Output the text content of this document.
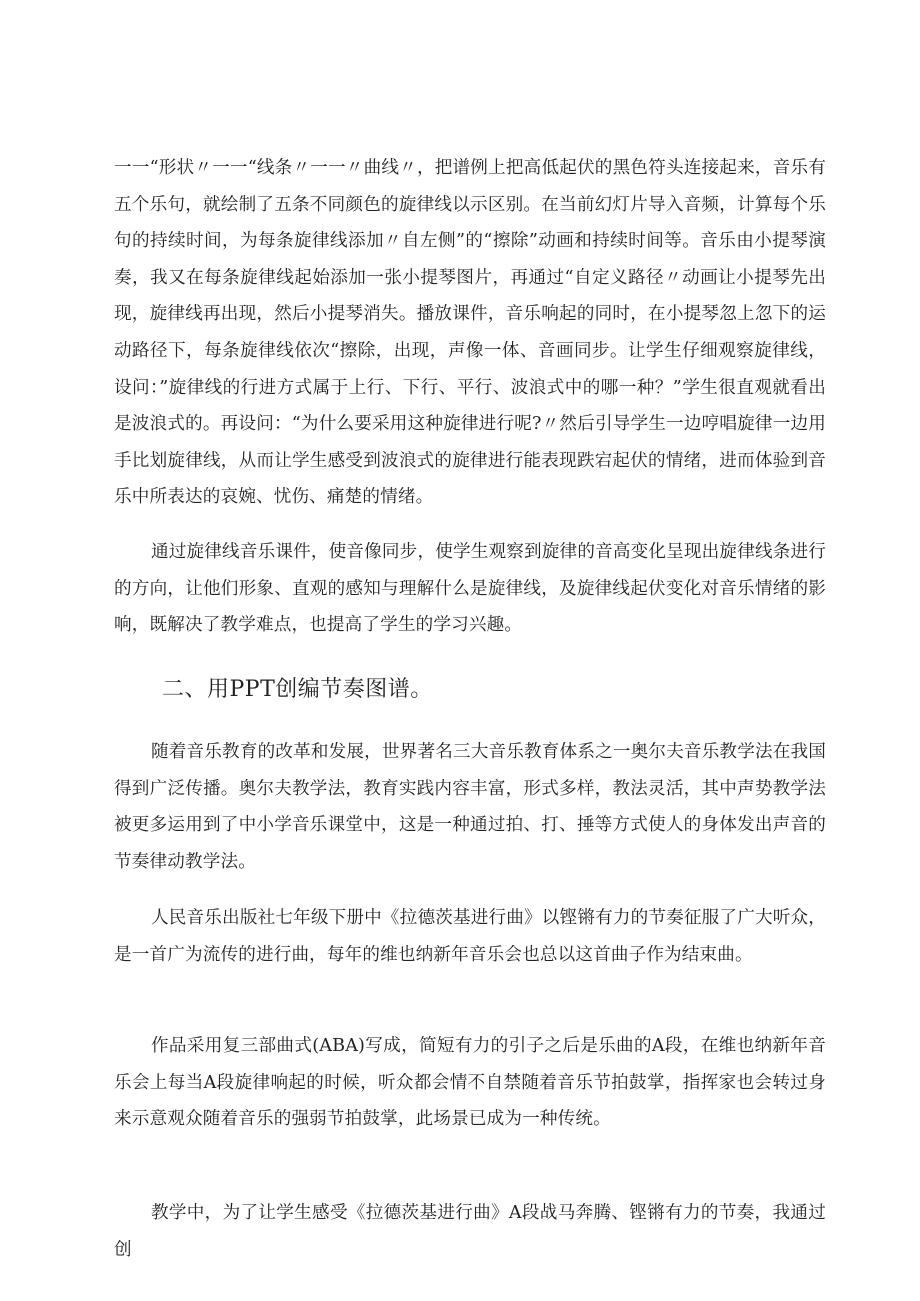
一一“形状〃一一“线条〃一一〃曲线〃，把谱例上把高低起伏的黑色符头连接起来，音乐有五个乐句，就绘制了五条不同颜色的旋律线以示区别。在当前幻灯片导入音频，计算每个乐句的持续时间，为每条旋律线添加〃自左侧”的“擦除”动画和持续时间等。音乐由小提琴演奏，我又在每条旋律线起始添加一张小提琴图片，再通过“自定义路径〃动画让小提琴先出现，旋律线再出现，然后小提琴消失。播放课件，音乐响起的同时，在小提琴忽上忽下的运动路径下，每条旋律线依次“擦除，出现，声像一体、音画同步。让学生仔细观察旋律线，设问：”旋律线的行进方式属于上行、下行、平行、波浪式中的哪一种？”学生很直观就看出是波浪式的。再设问：“为什么要采用这种旋律进行呢?〃然后引导学生一边哼唱旋律一边用手比划旋律线，从而让学生感受到波浪式的旋律进行能表现跌宕起伏的情绪，进而体验到音乐中所表达的哀婉、忧伤、痛楚的情绪。

通过旋律线音乐课件，使音像同步，使学生观察到旋律的音高变化呈现出旋律线条进行的方向，让他们形象、直观的感知与理解什么是旋律线，及旋律线起伏变化对音乐情绪的影响，既解决了教学难点，也提高了学生的学习兴趣。

二、用PPT创编节奏图谱。

随着音乐教育的改革和发展，世界著名三大音乐教育体系之一奥尔夫音乐教学法在我国得到广泛传播。奥尔夫教学法，教育实践内容丰富，形式多样，教法灵活，其中声势教学法被更多运用到了中小学音乐课堂中，这是一种通过拍、打、捶等方式使人的身体发出声音的节奏律动教学法。

人民音乐出版社七年级下册中《拉德茨基进行曲》以铿锵有力的节奏征服了广大听众，是一首广为流传的进行曲，每年的维也纳新年音乐会也总以这首曲子作为结束曲。

作品采用复三部曲式(ABA)写成，简短有力的引子之后是乐曲的A段，在维也纳新年音乐会上每当A段旋律响起的时候，听众都会情不自禁随着音乐节拍鼓掌，指挥家也会转过身来示意观众随着音乐的强弱节拍鼓掌，此场景已成为一种传统。

教学中，为了让学生感受《拉德茨基进行曲》A段战马奔腾、铿锵有力的节奏，我通过创
